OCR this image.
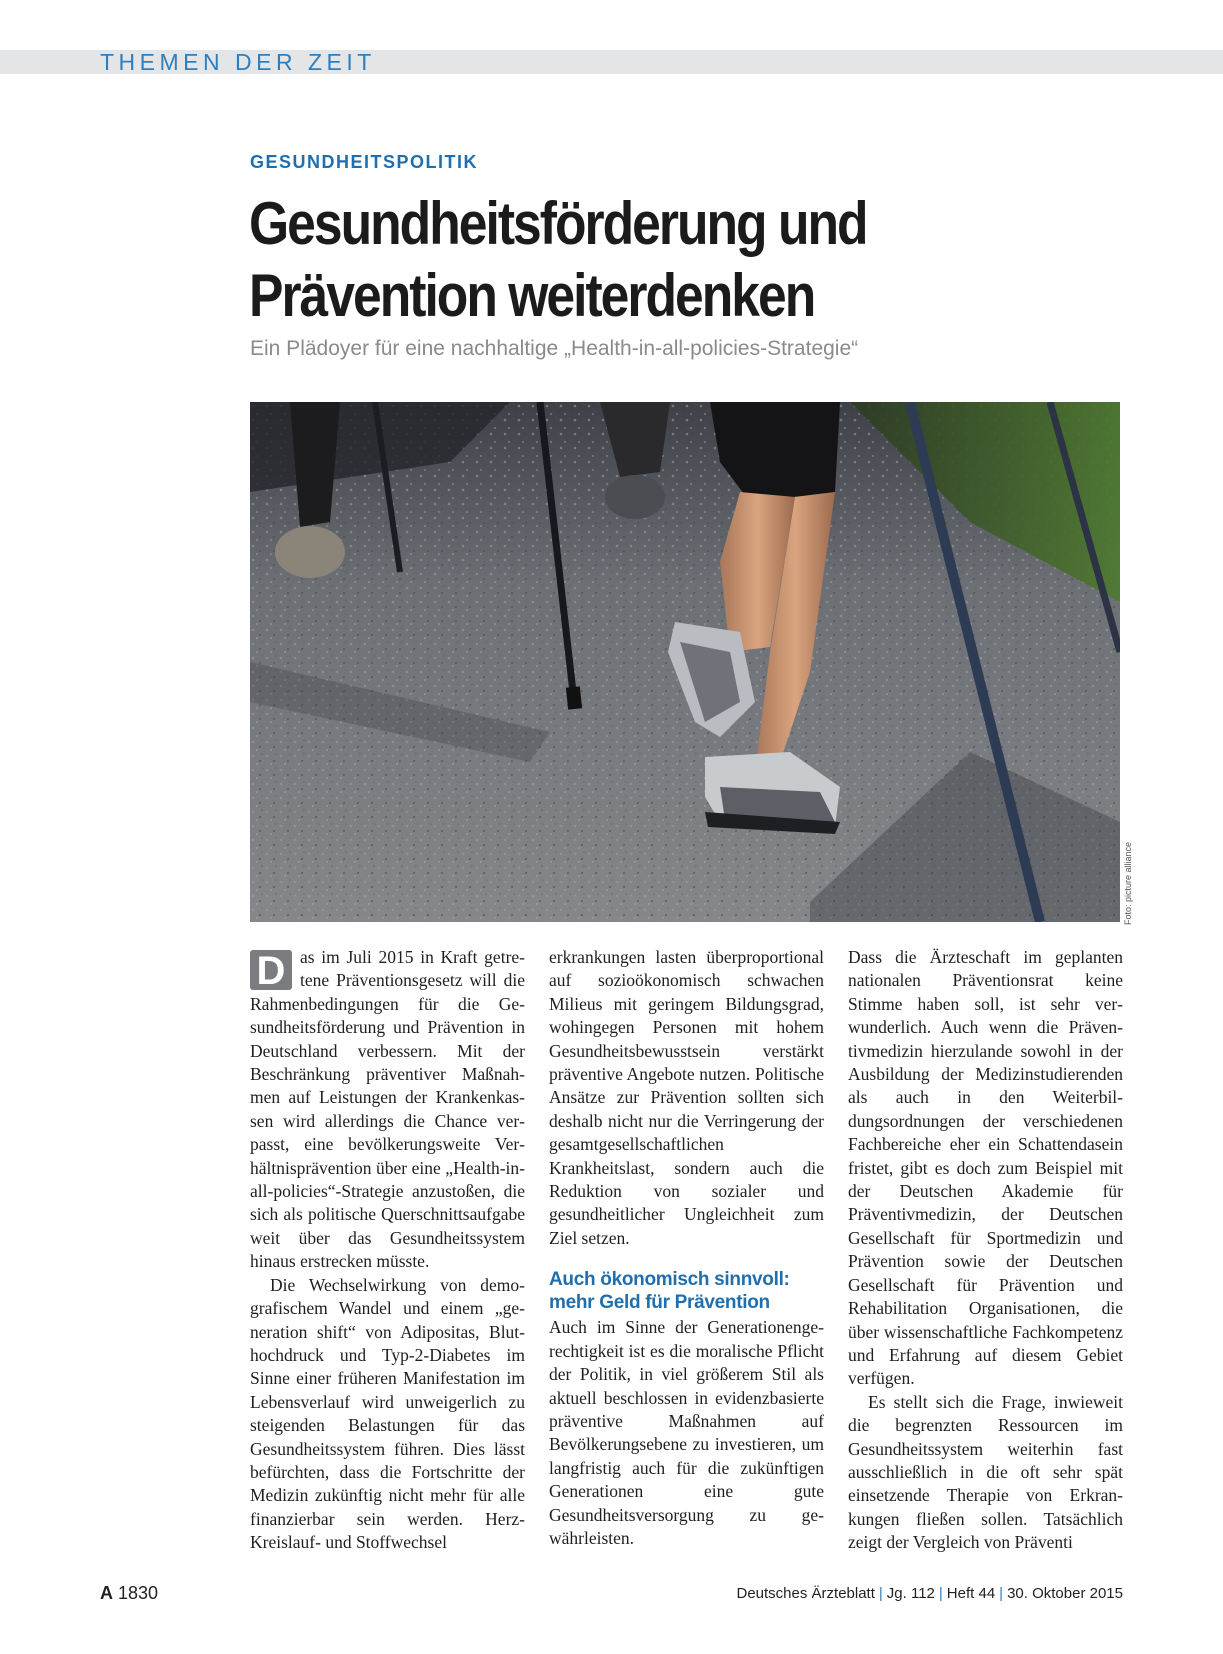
THEMEN DER ZEIT
GESUNDHEITSPOLITIK
Gesundheitsförderung und
Prävention weiterdenken
Ein Plädoyer für eine nachhaltige „Health-in-all-policies-Strategie“
Foto: picture alliance

D as im Juli 2015 in Kraft getretene Präventionsgesetz will die Rahmenbedingungen für die Gesundheitsförderung und Prävention in Deutschland verbessern. Mit der Beschränkung präventiver Maßnahmen auf Leistungen der Krankenkassen wird allerdings die Chance verpasst, eine bevölkerungsweite Verhältnisprävention über eine „Health-in-all-policies“-Strategie anzustoßen, die sich als politische Querschnittsaufgabe weit über das Gesundheitssystem hinaus erstrecken müsste.

Die Wechselwirkung von demografischem Wandel und einem „generation shift“ von Adipositas, Bluthochdruck und Typ-2-Diabetes im Sinne einer früheren Manifestation im Lebensverlauf wird unweigerlich zu steigenden Belastungen für das Gesundheitssystem führen. Dies lässt befürchten, dass die Fortschritte der Medizin zukünftig nicht mehr für alle finanzierbar sein werden. Herz-Kreislauf- und Stoffwechsel

erkrankungen lasten überproportional auf sozioökonomisch schwachen Milieus mit geringem Bildungsgrad, wohingegen Personen mit hohem Gesundheitsbewusstsein verstärkt präventive Angebote nutzen. Politische Ansätze zur Prävention sollten sich deshalb nicht nur die Verringerung der gesamtgesellschaftlichen Krankheitslast, sondern auch die Reduktion von sozialer und gesundheitlicher Ungleichheit zum Ziel setzen.

Auch ökonomisch sinnvoll:
mehr Geld für Prävention

Auch im Sinne der Generationengerechtigkeit ist es die moralische Pflicht der Politik, in viel größerem Stil als aktuell beschlossen in evidenzbasierte präventive Maßnahmen auf Bevölkerungsebene zu investieren, um langfristig auch für die zukünftigen Generationen eine gute Gesundheitsversorgung zu gewährleisten.

Dass die Ärzteschaft im geplanten nationalen Präventionsrat keine Stimme haben soll, ist sehr verwunderlich. Auch wenn die Präventivmedizin hierzulande sowohl in der Ausbildung der Medizinstudierenden als auch in den Weiterbildungsordnungen der verschiedenen Fachbereiche eher ein Schattendasein fristet, gibt es doch zum Beispiel mit der Deutschen Akademie für Präventivmedizin, der Deutschen Gesellschaft für Sportmedizin und Prävention sowie der Deutschen Gesellschaft für Prävention und Rehabilitation Organisationen, die über wissenschaftliche Fachkompetenz und Erfahrung auf diesem Gebiet verfügen.

Es stellt sich die Frage, inwieweit die begrenzten Ressourcen im Gesundheitssystem weiterhin fast ausschließlich in die oft sehr spät einsetzende Therapie von Erkrankungen fließen sollen. Tatsächlich zeigt der Vergleich von Präventi

A 1830	Deutsches Ärzteblatt | Jg. 112 | Heft 44 | 30. Oktober 2015
